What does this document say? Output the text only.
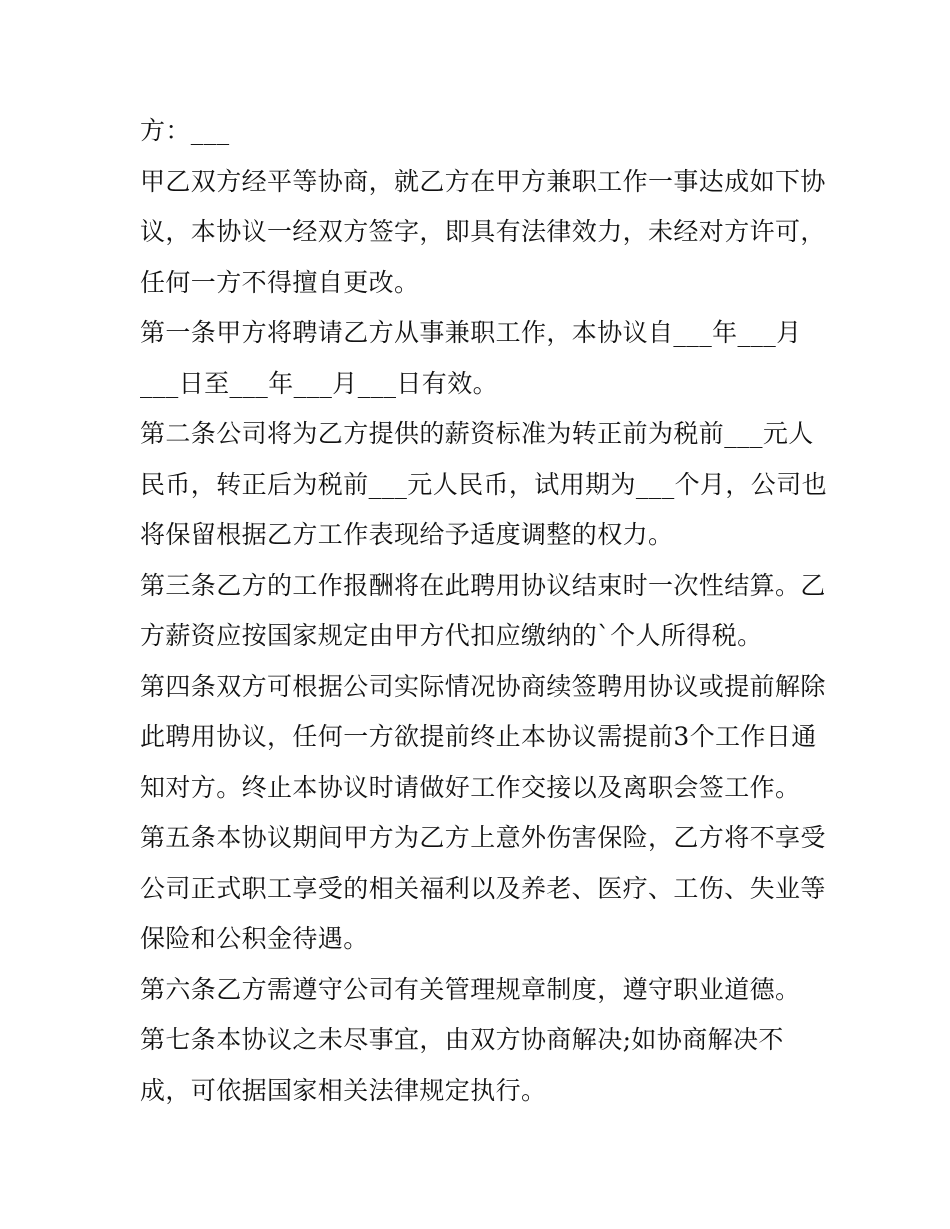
方：___
甲乙双方经平等协商，就乙方在甲方兼职工作一事达成如下协
议，本协议一经双方签字，即具有法律效力，未经对方许可，
任何一方不得擅自更改。
第一条甲方将聘请乙方从事兼职工作，本协议自___年___月
___日至___年___月___日有效。
第二条公司将为乙方提供的薪资标准为转正前为税前___元人
民币，转正后为税前___元人民币，试用期为___个月，公司也
将保留根据乙方工作表现给予适度调整的权力。
第三条乙方的工作报酬将在此聘用协议结束时一次性结算。乙
方薪资应按国家规定由甲方代扣应缴纳的`个人所得税。
第四条双方可根据公司实际情况协商续签聘用协议或提前解除
此聘用协议，任何一方欲提前终止本协议需提前3个工作日通
知对方。终止本协议时请做好工作交接以及离职会签工作。
第五条本协议期间甲方为乙方上意外伤害保险，乙方将不享受
公司正式职工享受的相关福利以及养老、医疗、工伤、失业等
保险和公积金待遇。
第六条乙方需遵守公司有关管理规章制度，遵守职业道德。
第七条本协议之未尽事宜，由双方协商解决;如协商解决不
成，可依据国家相关法律规定执行。
